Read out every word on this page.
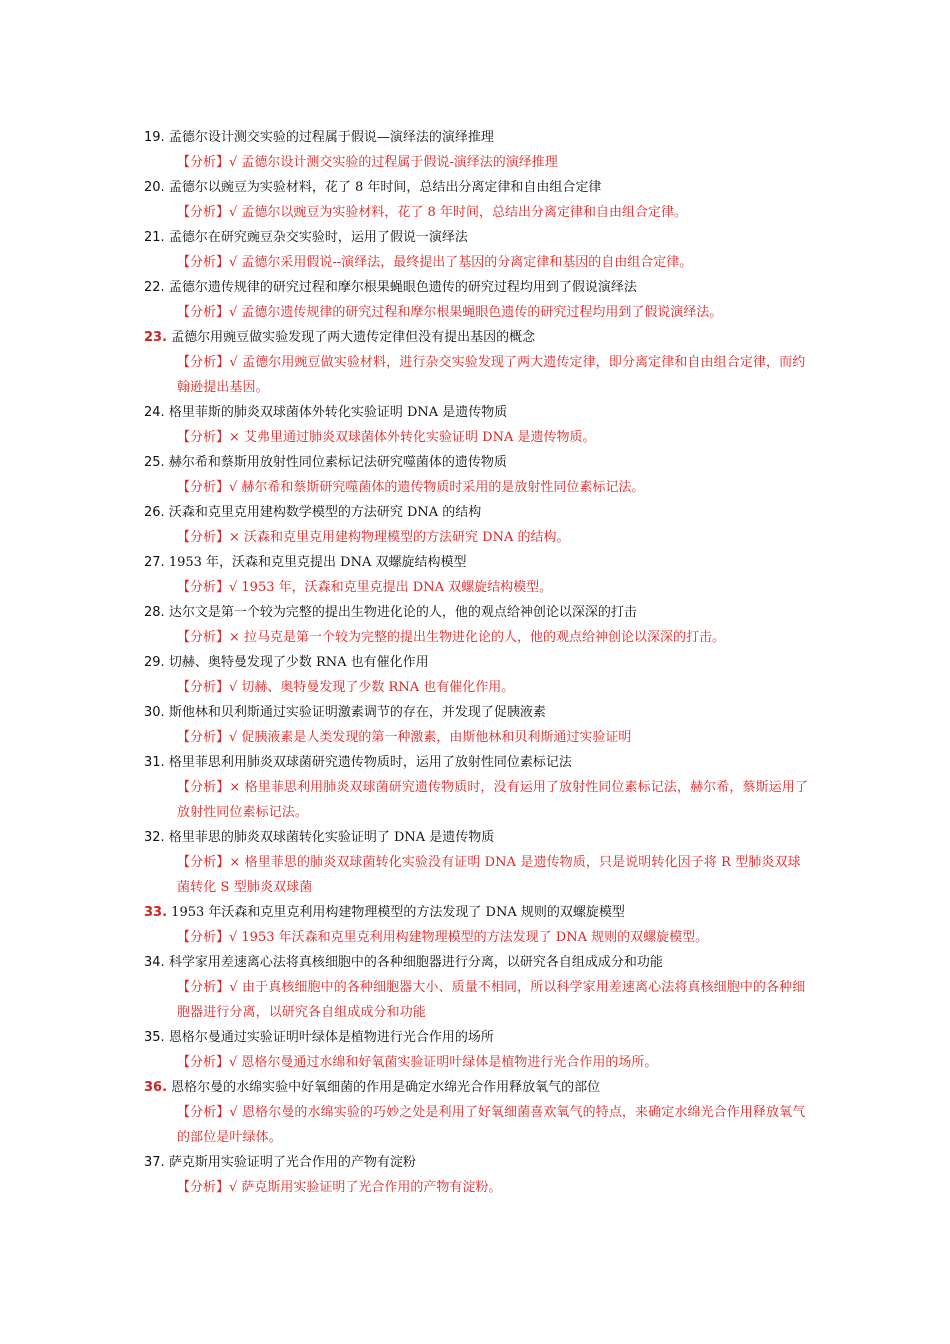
19. 孟德尔设计测交实验的过程属于假说—演绎法的演绎推理
【分析】√ 孟德尔设计测交实验的过程属于假说-演绎法的演绎推理
20. 孟德尔以豌豆为实验材料，花了 8 年时间，总结出分离定律和自由组合定律
【分析】√ 孟德尔以豌豆为实验材料，花了 8 年时间，总结出分离定律和自由组合定律。
21. 孟德尔在研究豌豆杂交实验时，运用了假说一演绎法
【分析】√ 孟德尔采用假说--演绎法，最终提出了基因的分离定律和基因的自由组合定律。
22. 孟德尔遗传规律的研究过程和摩尔根果蝇眼色遗传的研究过程均用到了假说演绎法
【分析】√ 孟德尔遗传规律的研究过程和摩尔根果蝇眼色遗传的研究过程均用到了假说演绎法。
23. 孟德尔用豌豆做实验发现了两大遗传定律但没有提出基因的概念
【分析】√ 孟德尔用豌豆做实验材料，进行杂交实验发现了两大遗传定律，即分离定律和自由组合定律，而约翰逊提出基因。
24. 格里菲斯的肺炎双球菌体外转化实验证明 DNA 是遗传物质
【分析】× 艾弗里通过肺炎双球菌体外转化实验证明 DNA 是遗传物质。
25. 赫尔希和蔡斯用放射性同位素标记法研究噬菌体的遗传物质
【分析】√ 赫尔希和蔡斯研究噬菌体的遗传物质时采用的是放射性同位素标记法。
26. 沃森和克里克用建构数学模型的方法研究 DNA 的结构
【分析】× 沃森和克里克用建构物理模型的方法研究 DNA 的结构。
27. 1953 年，沃森和克里克提出 DNA 双螺旋结构模型
【分析】√ 1953 年，沃森和克里克提出 DNA 双螺旋结构模型。
28. 达尔文是第一个较为完整的提出生物进化论的人，他的观点给神创论以深深的打击
【分析】× 拉马克是第一个较为完整的提出生物进化论的人，他的观点给神创论以深深的打击。
29. 切赫、奥特曼发现了少数 RNA 也有催化作用
【分析】√ 切赫、奥特曼发现了少数 RNA 也有催化作用。
30. 斯他林和贝利斯通过实验证明激素调节的存在，并发现了促胰液素
【分析】√ 促胰液素是人类发现的第一种激素，由斯他林和贝利斯通过实验证明
31. 格里菲思利用肺炎双球菌研究遗传物质时，运用了放射性同位素标记法
【分析】× 格里菲思利用肺炎双球菌研究遗传物质时，没有运用了放射性同位素标记法，赫尔希，蔡斯运用了放射性同位素标记法。
32. 格里菲思的肺炎双球菌转化实验证明了 DNA 是遗传物质
【分析】× 格里菲思的肺炎双球菌转化实验没有证明 DNA 是遗传物质，只是说明转化因子将 R 型肺炎双球菌转化 S 型肺炎双球菌
33. 1953 年沃森和克里克利用构建物理模型的方法发现了 DNA 规则的双螺旋模型
【分析】√ 1953 年沃森和克里克利用构建物理模型的方法发现了 DNA 规则的双螺旋模型。
34. 科学家用差速离心法将真核细胞中的各种细胞器进行分离，以研究各自组成成分和功能
【分析】√ 由于真核细胞中的各种细胞器大小、质量不相同，所以科学家用差速离心法将真核细胞中的各种细胞器进行分离，以研究各自组成成分和功能
35. 恩格尔曼通过实验证明叶绿体是植物进行光合作用的场所
【分析】√ 恩格尔曼通过水绵和好氧菌实验证明叶绿体是植物进行光合作用的场所。
36. 恩格尔曼的水绵实验中好氧细菌的作用是确定水绵光合作用释放氧气的部位
【分析】√ 恩格尔曼的水绵实验的巧妙之处是利用了好氧细菌喜欢氧气的特点，来确定水绵光合作用释放氧气的部位是叶绿体。
37. 萨克斯用实验证明了光合作用的产物有淀粉
【分析】√ 萨克斯用实验证明了光合作用的产物有淀粉。
